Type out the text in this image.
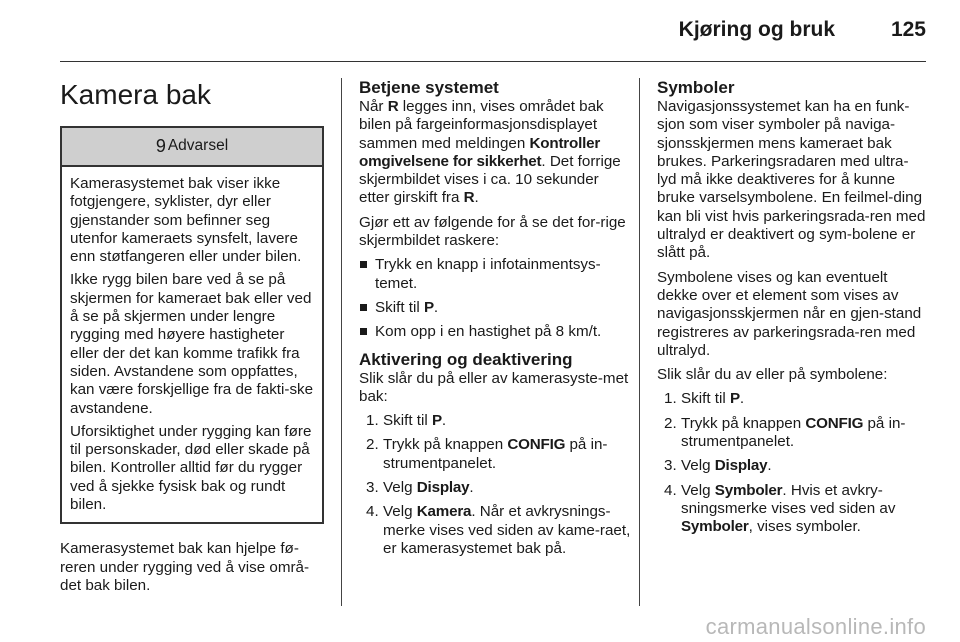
Kjøring og bruk	125
Kamera bak
9 Advarsel

Kamerasystemet bak viser ikke fotgjengere, syklister, dyr eller gjenstander som befinner seg utenfor kameraets synsfelt, lavere enn støtfangeren eller under bilen.

Ikke rygg bilen bare ved å se på skjermen for kameraet bak eller ved å se på skjermen under lengre rygging med høyere hastigheter eller der det kan komme trafikk fra siden. Avstandene som oppfattes, kan være forskjellige fra de fakti-ske avstandene.

Uforsiktighet under rygging kan føre til personskader, død eller skade på bilen. Kontroller alltid før du rygger ved å sjekke fysisk bak og rundt bilen.

Kamerasystemet bak kan hjelpe fø-reren under rygging ved å vise områ-det bak bilen.

Betjene systemet

Når R legges inn, vises området bak bilen på fargeinformasjonsdisplayet sammen med meldingen Kontroller omgivelsene for sikkerhet. Det forrige skjermbildet vises i ca. 10 sekunder etter girskift fra R.

Gjør ett av følgende for å se det for-rige skjermbildet raskere:

Trykk en knapp i infotainmentsys-temet.
Skift til P.
Kom opp i en hastighet på 8 km/t.
Aktivering og deaktivering

Slik slår du på eller av kamerasyste-met bak:

1. Skift til P.
2. Trykk på knappen CONFIG på in-strumentpanelet.
3. Velg Display.
4. Velg Kamera. Når et avkrysnings-merke vises ved siden av kame-raet, er kamerasystemet bak på.
Symboler

Navigasjonssystemet kan ha en funk-sjon som viser symboler på naviga-sjonsskjermen mens kameraet bak brukes. Parkeringsradaren med ultra-lyd må ikke deaktiveres for å kunne bruke varselsymbolene. En feilmel-ding kan bli vist hvis parkeringsrada-ren med ultralyd er deaktivert og sym-bolene er slått på.

Symbolene vises og kan eventuelt dekke over et element som vises av navigasjonsskjermen når en gjen-stand registreres av parkeringsrada-ren med ultralyd.

Slik slår du av eller på symbolene:

1. Skift til P.
2. Trykk på knappen CONFIG på in-strumentpanelet.
3. Velg Display.
4. Velg Symboler. Hvis et avkry-sningsmerke vises ved siden av Symboler, vises symboler.
carmanualsonline.info
